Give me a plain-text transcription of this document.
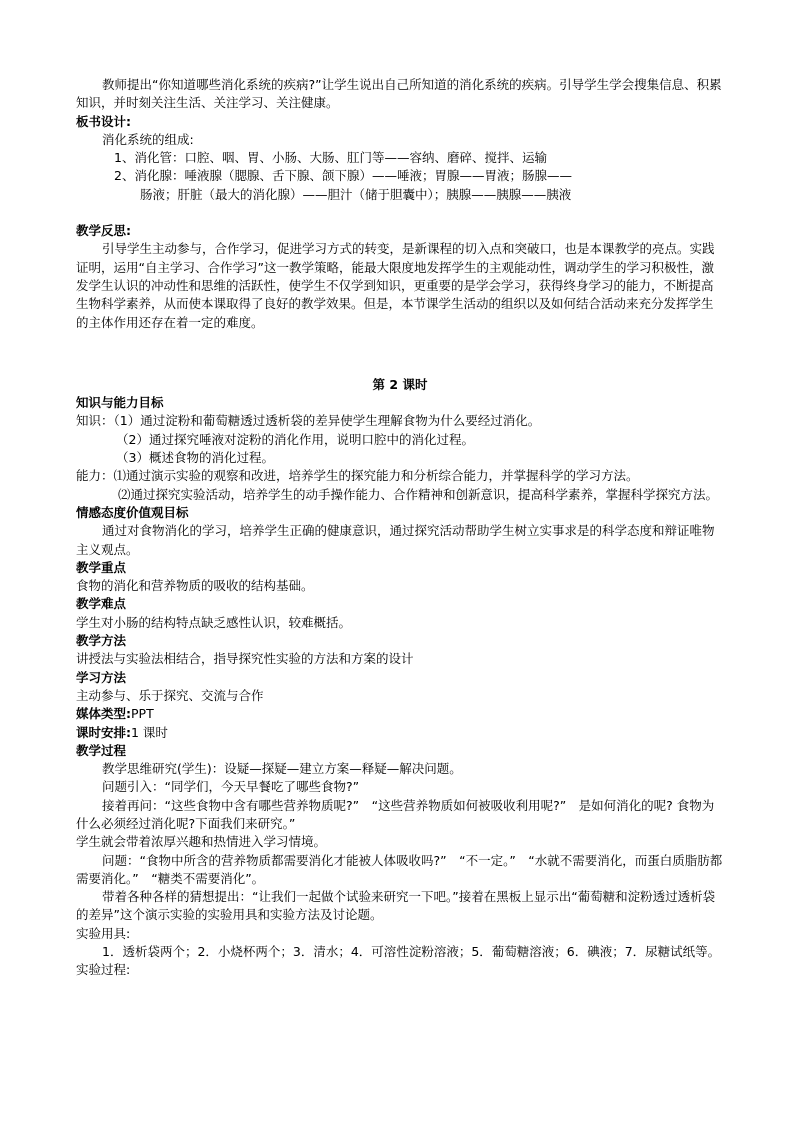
教师提出“你知道哪些消化系统的疾病?”让学生说出自己所知道的消化系统的疾病。引导学生学会搜集信息、积累知识，并时刻关注生活、关注学习、关注健康。

板书设计:

消化系统的组成:

1、消化管：口腔、咽、胃、小肠、大肠、肛门等——容纳、磨碎、搅拌、运输

2、消化腺：唾液腺（腮腺、舌下腺、颌下腺）——唾液；胃腺——胃液；肠腺——

肠液；肝脏（最大的消化腺）——胆汁（储于胆囊中）；胰腺——胰腺——胰液

教学反思:

引导学生主动参与，合作学习，促进学习方式的转变，是新课程的切入点和突破口，也是本课教学的亮点。实践证明，运用“自主学习、合作学习”这一教学策略，能最大限度地发挥学生的主观能动性，调动学生的学习积极性，激发学生认识的冲动性和思维的活跃性，使学生不仅学到知识，更重要的是学会学习，获得终身学习的能力，不断提高生物科学素养，从而使本课取得了良好的教学效果。但是，本节课学生活动的组织以及如何结合活动来充分发挥学生的主体作用还存在着一定的难度。

第 2 课时

知识与能力目标

知识：（1）通过淀粉和葡萄糖透过透析袋的差异使学生理解食物为什么要经过消化。

（2）通过探究唾液对淀粉的消化作用，说明口腔中的消化过程。

（3）概述食物的消化过程。

能力：⑴通过演示实验的观察和改进，培养学生的探究能力和分析综合能力，并掌握科学的学习方法。

⑵通过探究实验活动，培养学生的动手操作能力、合作精神和创新意识，提高科学素养，掌握科学探究方法。

情感态度价值观目标

通过对食物消化的学习，培养学生正确的健康意识，通过探究活动帮助学生树立实事求是的科学态度和辩证唯物主义观点。

教学重点

食物的消化和营养物质的吸收的结构基础。

教学难点

学生对小肠的结构特点缺乏感性认识，较难概括。

教学方法

讲授法与实验法相结合，指导探究性实验的方法和方案的设计

学习方法

主动参与、乐于探究、交流与合作

媒体类型:PPT

课时安排:1 课时

教学过程

教学思维研究(学生)：设疑—探疑—建立方案—释疑—解决问题。

问题引入：“同学们，今天早餐吃了哪些食物?”

接着再问：“这些食物中含有哪些营养物质呢?”　“这些营养物质如何被吸收利用呢?”　是如何消化的呢? 食物为什么必须经过消化呢?下面我们来研究。”

学生就会带着浓厚兴趣和热情进入学习情境。

问题：“食物中所含的营养物质都需要消化才能被人体吸收吗?”　“不一定。”　“水就不需要消化，而蛋白质脂肪都需要消化。”　“糖类不需要消化”。

带着各种各样的猜想提出：“让我们一起做个试验来研究一下吧。”接着在黑板上显示出“葡萄糖和淀粉透过透析袋的差异”这个演示实验的实验用具和实验方法及讨论题。

实验用具:

1．透析袋两个；2．小烧杯两个；3．清水；4．可溶性淀粉溶液；5．葡萄糖溶液；6．碘液；7．尿糖试纸等。

实验过程:
